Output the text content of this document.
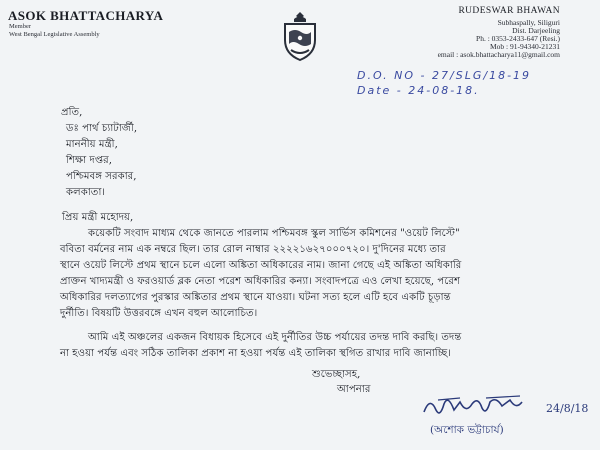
ASOK BHATTACHARYA
Member
West Bengal Legislative Assembly
RUDESWAR BHAWAN
Subhaspally, Siliguri
Dist. Darjeeling
Ph. : 0353-2433-647 (Resi.)
Mob : 91-94340-21231
email : asok.bhattacharya11@gmail.com
D.O. NO - 27/SLG/18-19
Date - 24-08-18.
প্রতি,
ডঃ পার্থ চ্যাটার্জী,
মাননীয় মন্ত্রী,
শিক্ষা দপ্তর,
পশ্চিমবঙ্গ সরকার,
কলকাতা।
প্রিয় মন্ত্রী মহোদয়,
কয়েকটি সংবাদ মাধ্যম থেকে জানতে পারলাম পশ্চিমবঙ্গ স্কুল সার্ভিস কমিশনের "ওয়েট লিস্টে"
ববিতা বর্মনের নাম এক নম্বরে ছিল। তার রোল নাম্বার ২২২২১৬২৭০০০৭২০। দু'দিনের মধ্যে তার
স্থানে ওয়েট লিস্টে প্রথম স্থানে চলে এলো অঙ্কিতা অধিকারের নাম। জানা গেছে এই অঙ্কিতা অধিকারি
প্রাক্তন খাদ্যমন্ত্রী ও ফরওয়ার্ড ব্লক নেতা পরেশ অধিকারির কন্যা। সংবাদপত্রে এও লেখা হয়েছে, পরেশ
অধিকারির দলত্যাগের পুরস্কার অঙ্কিতার প্রথম স্থানে যাওয়া। ঘটনা সত্য হলে এটি হবে একটি চূড়ান্ত
দুর্নীতি। বিষয়টি উত্তরবঙ্গে এখন বহুল আলোচিত।
আমি এই অঞ্চলের একজন বিধায়ক হিসেবে এই দুর্নীতির উচ্চ পর্যায়ের তদন্ত দাবি করছি। তদন্ত
না হওয়া পর্যন্ত এবং সঠিক তালিকা প্রকাশ না হওয়া পর্যন্ত এই তালিকা স্থগিত রাখার দাবি জানাচ্ছি।
শুভেচ্ছাসহ,
আপনার
24/8/18
(অশোক ভট্টাচার্য)
